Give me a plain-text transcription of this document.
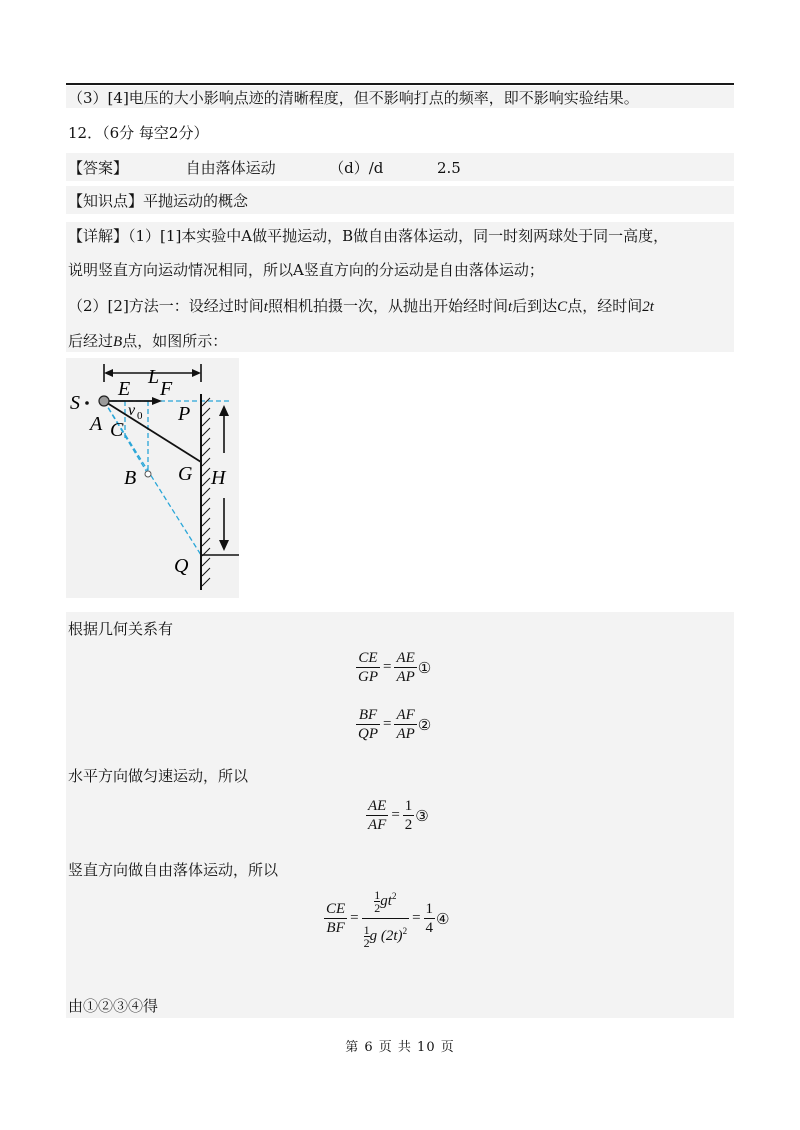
（3）[4]电压的大小影响点迹的清晰程度，但不影响打点的频率，即不影响实验结果。
12．（6分 每空2分）
【答案】	自由落体运动	（d）/d	2.5
【知识点】平抛运动的概念
【详解】（1）[1]本实验中A做平抛运动，B做自由落体运动，同一时刻两球处于同一高度，
说明竖直方向运动情况相同，所以A竖直方向的分运动是自由落体运动；
（2）[2]方法一：设经过时间t照相机拍摄一次，从抛出开始经时间t后到达C点，经时间2t
后经过B点，如图所示：
S
E
L
F
v 0 P
A C
B G H
Q
根据几何关系有
$\frac{CE}{GP} = \frac{AE}{AP}$ ①
$\frac{BF}{QP} = \frac{AF}{AP}$ ②
水平方向做匀速运动，所以
$\frac{AE}{AF} = \frac{1}{2}$ ③
竖直方向做自由落体运动，所以
$\frac{CE}{BF} = \frac{\frac{1}{2} gt^2}{\frac{1}{2} g (2t)^2} = \frac{1}{4}$ ④
由①②③④得
第 6 页 共 10 页
